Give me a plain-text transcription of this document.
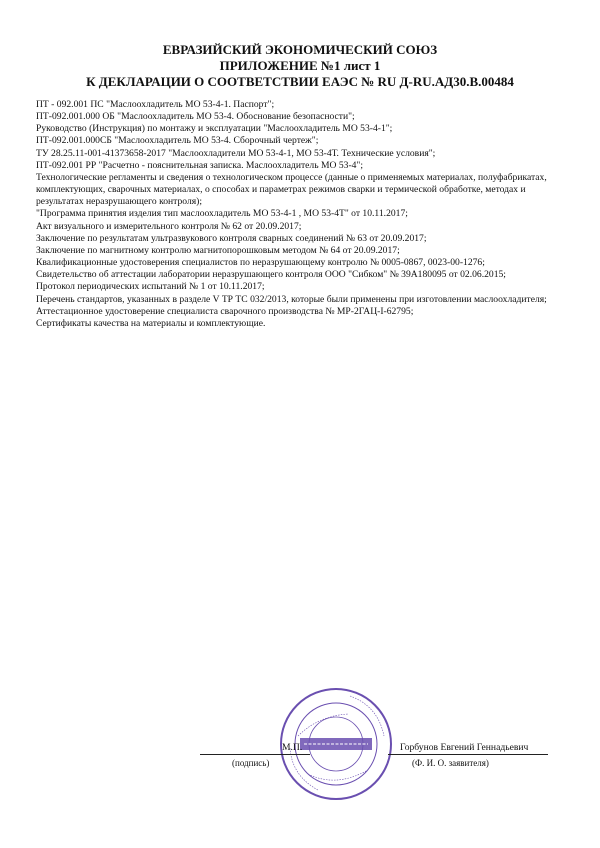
ЕВРАЗИЙСКИЙ ЭКОНОМИЧЕСКИЙ СОЮЗ
ПРИЛОЖЕНИЕ №1 лист 1
К ДЕКЛАРАЦИИ О СООТВЕТСТВИИ ЕАЭС № RU Д-RU.АД30.В.00484
ПТ - 092.001 ПС "Маслоохладитель МО 53-4-1. Паспорт";
ПТ-092.001.000 ОБ "Маслоохладитель МО 53-4. Обоснование безопасности";
Руководство (Инструкция) по монтажу и эксплуатации "Маслоохладитель МО 53-4-1";
ПТ-092.001.000СБ "Маслоохладитель МО 53-4. Сборочный чертеж";
ТУ 28.25.11-001-41373658-2017 "Маслоохладители МО 53-4-1, МО 53-4Т. Технические условия";
ПТ-092.001 РР "Расчетно - пояснительная записка. Маслоохладитель МО 53-4";
Технологические регламенты и сведения о технологическом процессе (данные о применяемых материалах, полуфабрикатах, комплектующих, сварочных материалах, о способах и параметрах режимов сварки и термической обработке, методах и результатах неразрушающего контроля);
"Программа принятия изделия тип маслоохладитель МО 53-4-1 , МО 53-4Т" от 10.11.2017;
Акт визуального и измерительного контроля № 62 от 20.09.2017;
Заключение по результатам ультразвукового контроля сварных соединений № 63 от 20.09.2017;
Заключение по магнитному контролю магнитопорошковым методом № 64 от 20.09.2017;
Квалификационные удостоверения специалистов по неразрушающему контролю № 0005-0867, 0023-00-1276;
Свидетельство об аттестации лаборатории неразрушающего контроля ООО "Сибком" № 39А180095 от 02.06.2015;
Протокол периодических испытаний № 1 от 10.11.2017;
Перечень стандартов, указанных в разделе V ТР ТС 032/2013, которые были применены при изготовлении маслоохладителя;
Аттестационное удостоверение специалиста сварочного производства № МР-2ГАЦ-I-62795;
Сертификаты качества на материалы и комплектующие.
М.П.	Горбунов Евгений Геннадьевич
(подпись)	(Ф. И. О. заявителя)
